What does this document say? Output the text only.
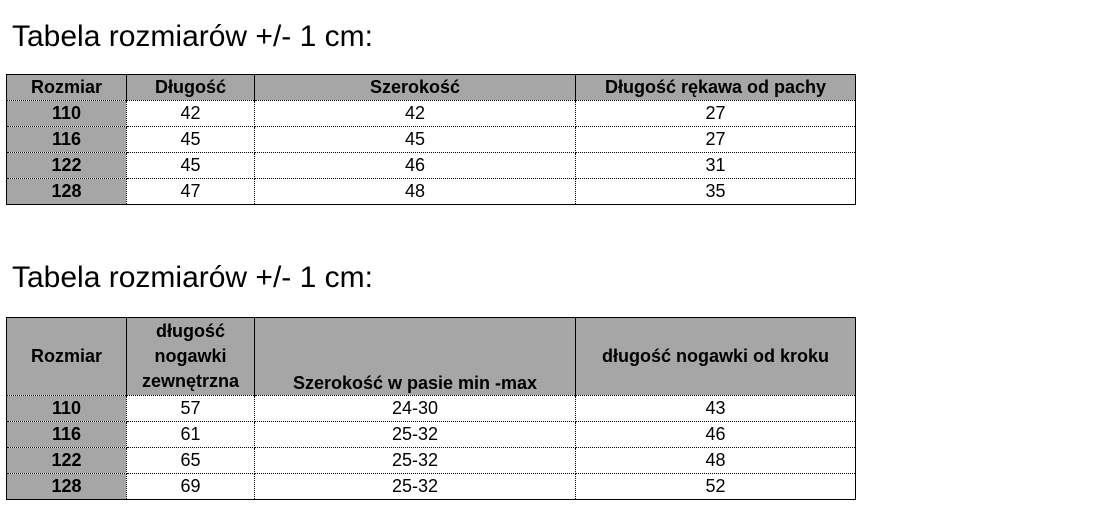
Tabela rozmiarów +/- 1 cm:
Rozmiar	Długość	Szerokość	Długość rękawa od pachy
110	42	42	27
116	45	45	27
122	45	46	31
128	47	48	35
Tabela rozmiarów +/- 1 cm:
Rozmiar	długość nogawki zewnętrzna	Szerokość w pasie min -max	długość nogawki od kroku
110	57	24-30	43
116	61	25-32	46
122	65	25-32	48
128	69	25-32	52
